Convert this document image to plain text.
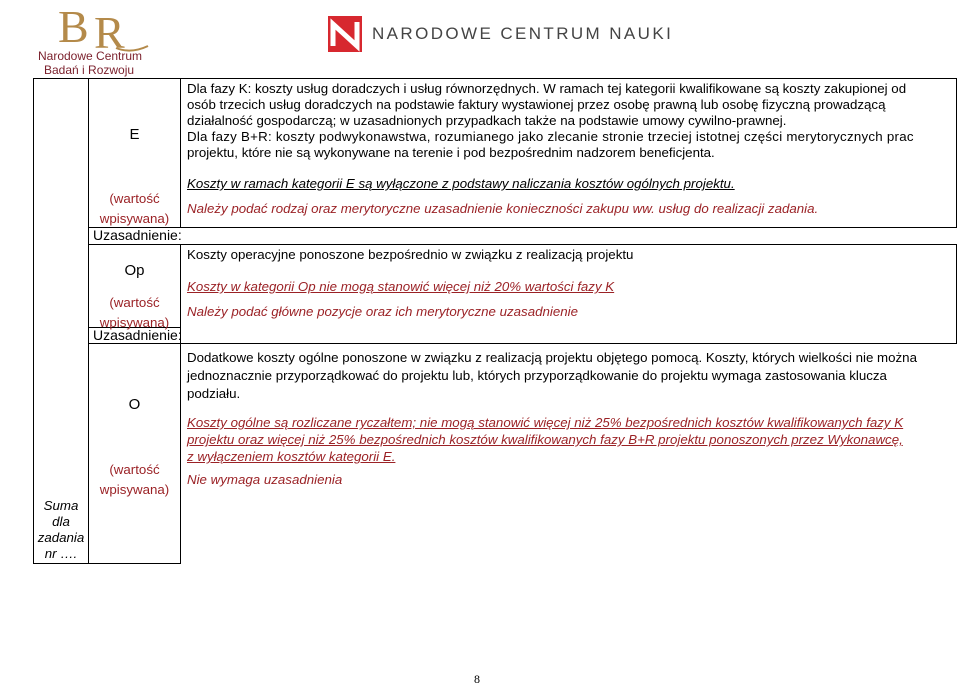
B R
Narodowe Centrum
Badań i Rozwoju
NARODOWE CENTRUM NAUKI
Suma
dla
zadania
nr ….
E
(wartość
wpisywana)
Uzasadnienie:
Dla fazy K: koszty usług doradczych i usług równorzędnych. W ramach tej kategorii kwalifikowane są koszty zakupionej od
osób trzecich usług doradczych na podstawie faktury wystawionej przez osobę prawną lub osobę fizyczną prowadzącą
działalność gospodarczą; w uzasadnionych przypadkach także na podstawie umowy cywilno-prawnej.
Dla fazy B+R: koszty podwykonawstwa, rozumianego jako zlecanie stronie trzeciej istotnej części merytorycznych prac
projektu, które nie są wykonywane na terenie i pod bezpośrednim nadzorem beneficjenta.
Koszty w ramach kategorii E są wyłączone z podstawy naliczania kosztów ogólnych projektu.
Należy podać rodzaj oraz merytoryczne uzasadnienie konieczności zakupu ww. usług do realizacji zadania.
Op
(wartość
wpisywana)
Uzasadnienie:
Koszty operacyjne ponoszone bezpośrednio w związku z realizacją projektu
Koszty w kategorii Op nie mogą stanowić więcej niż 20% wartości fazy K
Należy podać główne pozycje oraz ich merytoryczne uzasadnienie
O
(wartość
wpisywana)
Dodatkowe koszty ogólne ponoszone w związku z realizacją projektu objętego pomocą. Koszty, których wielkości nie można
jednoznacznie przyporządkować do projektu lub, których przyporządkowanie do projektu wymaga zastosowania klucza
podziału.
Koszty ogólne są rozliczane ryczałtem; nie mogą stanowić więcej niż 25% bezpośrednich kosztów kwalifikowanych fazy K
projektu oraz więcej niż 25% bezpośrednich kosztów kwalifikowanych fazy B+R projektu ponoszonych przez Wykonawcę,
z wyłączeniem kosztów kategorii E.
Nie wymaga uzasadnienia
8
